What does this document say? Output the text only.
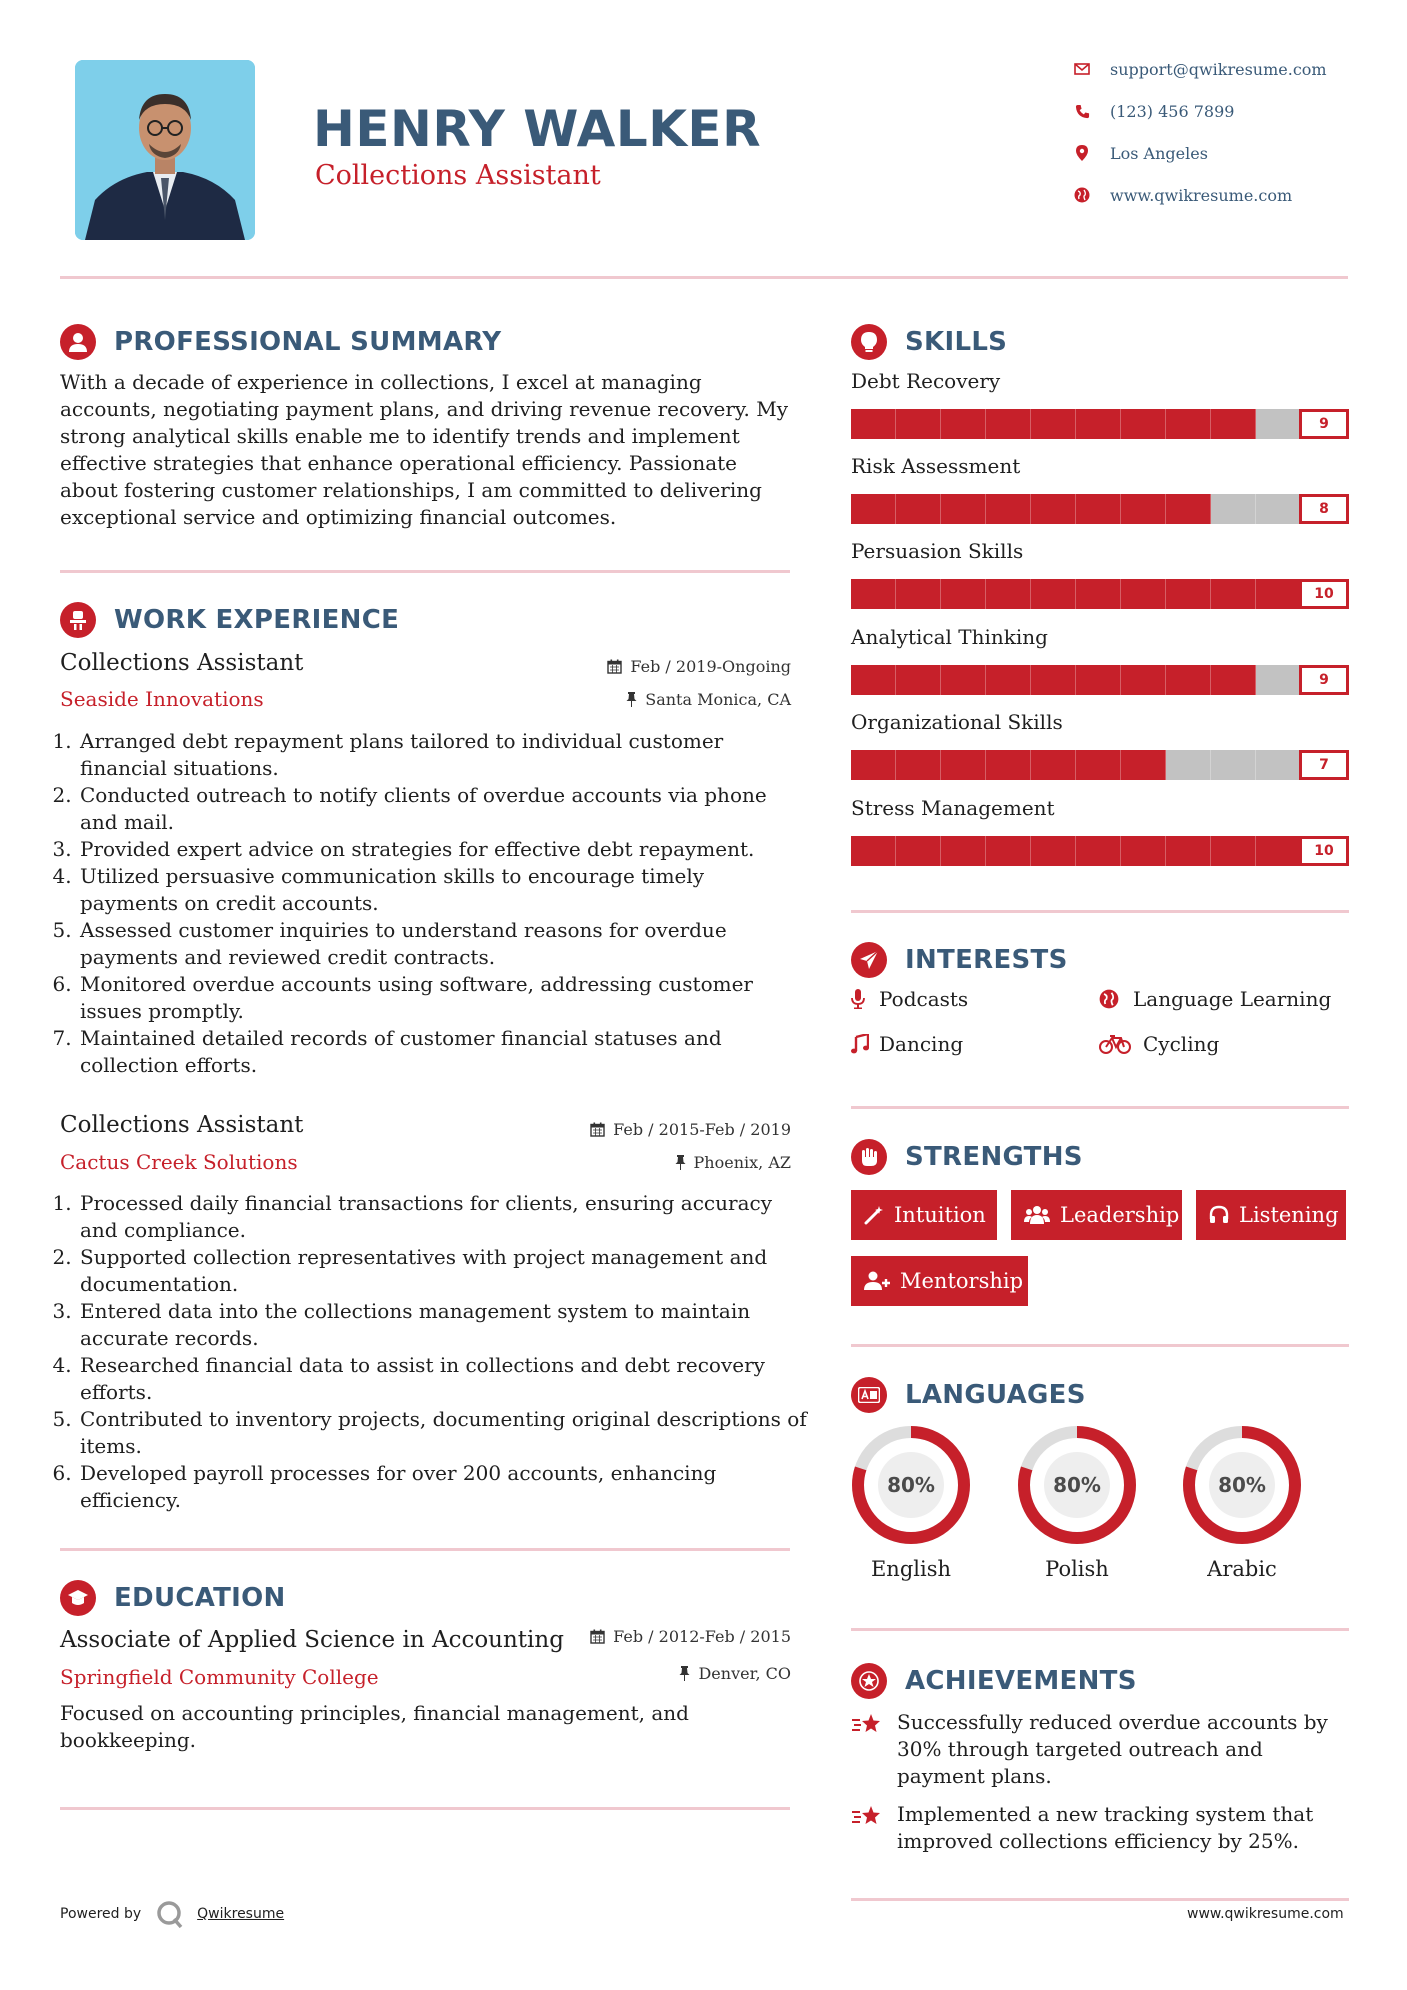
HENRY WALKER
Collections Assistant
support@qwikresume.com
(123) 456 7899
Los Angeles
www.qwikresume.com
PROFESSIONAL SUMMARY
With a decade of experience in collections, I excel at managing accounts, negotiating payment plans, and driving revenue recovery. My strong analytical skills enable me to identify trends and implement effective strategies that enhance operational efficiency. Passionate about fostering customer relationships, I am committed to delivering exceptional service and optimizing financial outcomes.
WORK EXPERIENCE
Collections Assistant	Feb / 2019-Ongoing
Seaside Innovations	Santa Monica, CA
1. Arranged debt repayment plans tailored to individual customer financial situations.
2. Conducted outreach to notify clients of overdue accounts via phone and mail.
3. Provided expert advice on strategies for effective debt repayment.
4. Utilized persuasive communication skills to encourage timely payments on credit accounts.
5. Assessed customer inquiries to understand reasons for overdue payments and reviewed credit contracts.
6. Monitored overdue accounts using software, addressing customer issues promptly.
7. Maintained detailed records of customer financial statuses and collection efforts.
Collections Assistant	Feb / 2015-Feb / 2019
Cactus Creek Solutions	Phoenix, AZ
1. Processed daily financial transactions for clients, ensuring accuracy and compliance.
2. Supported collection representatives with project management and documentation.
3. Entered data into the collections management system to maintain accurate records.
4. Researched financial data to assist in collections and debt recovery efforts.
5. Contributed to inventory projects, documenting original descriptions of items.
6. Developed payroll processes for over 200 accounts, enhancing efficiency.
EDUCATION
Associate of Applied Science in Accounting	Feb / 2012-Feb / 2015
Springfield Community College	Denver, CO
Focused on accounting principles, financial management, and bookkeeping.
SKILLS
Debt Recovery
9
Risk Assessment
8
Persuasion Skills
10
Analytical Thinking
9
Organizational Skills
7
Stress Management
10
INTERESTS
Podcasts	Language Learning
Dancing	Cycling
STRENGTHS
Intuition	Leadership	Listening
Mentorship
LANGUAGES
80%
English
80%
Polish
80%
Arabic
ACHIEVEMENTS
Successfully reduced overdue accounts by 30% through targeted outreach and payment plans.
Implemented a new tracking system that improved collections efficiency by 25%.
Powered by	Qwikresume	www.qwikresume.com
